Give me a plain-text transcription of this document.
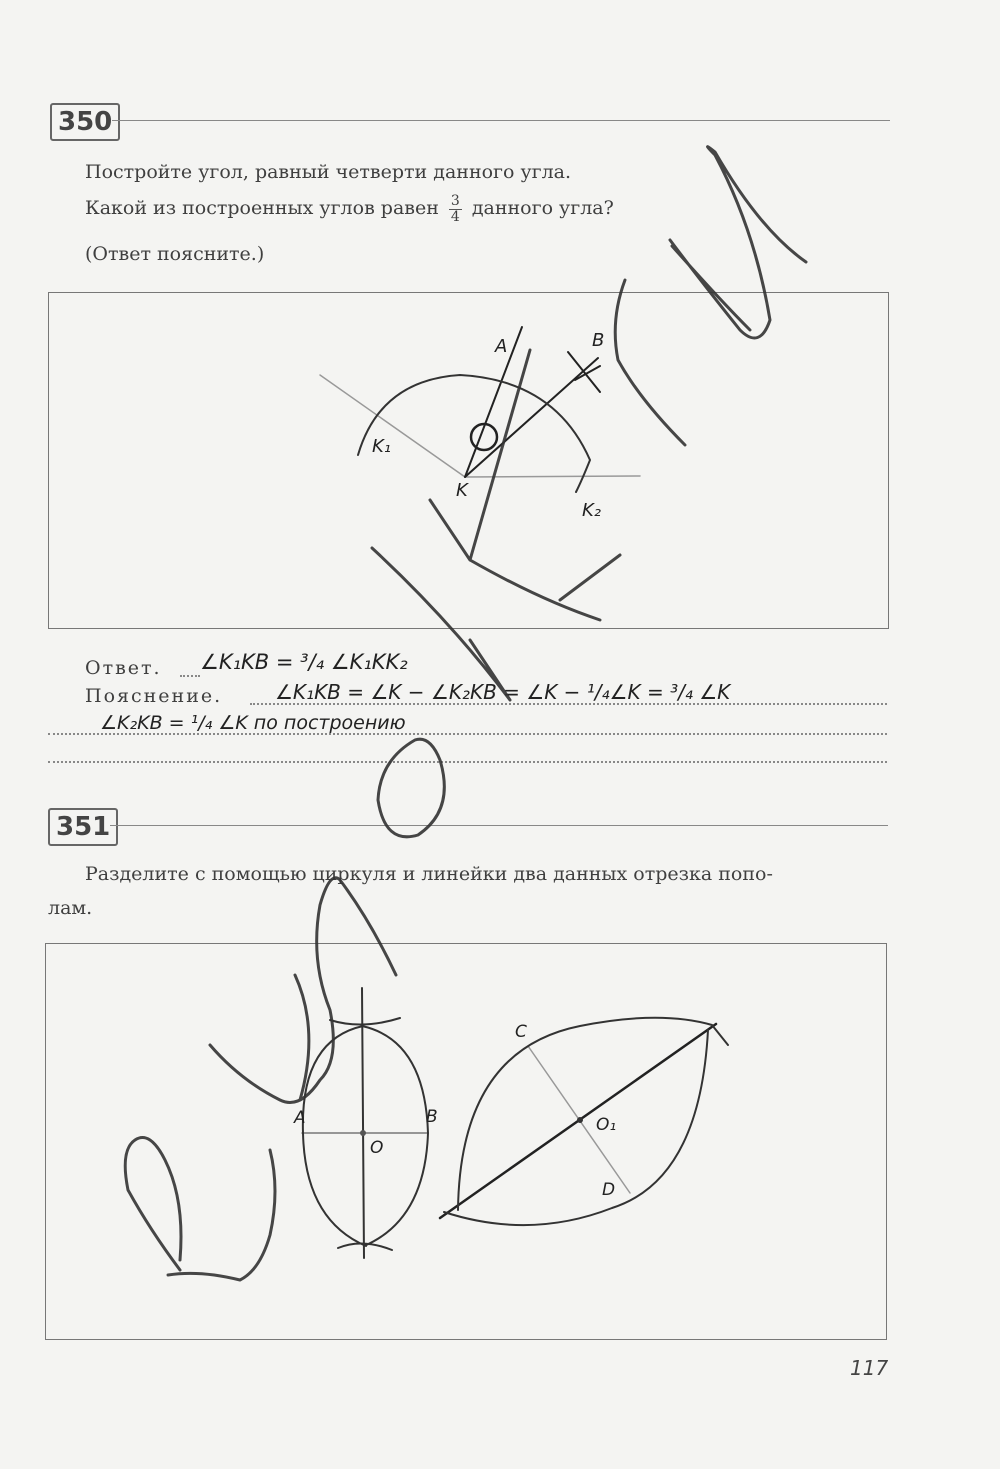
350
Постройте угол, равный четверти данного угла.
Какой из построенных углов равен $\frac{3}{4}$ данного угла?
(Ответ поясните.)
A	B
K
K₁
K₂
Ответ. ∠K₁KB = ³/₄ ∠K₁KK₂
Пояснение.	∠K₁KB = ∠K − ∠K₂KB = ∠K − ¹/₄∠K = ³/₄ ∠K
∠K₂KB = ¹/₄ ∠K по построению
351
Разделите с помощью циркуля и линейки два данных отрезка попо-
лам.
A	B
O
C
D
O₁
117
